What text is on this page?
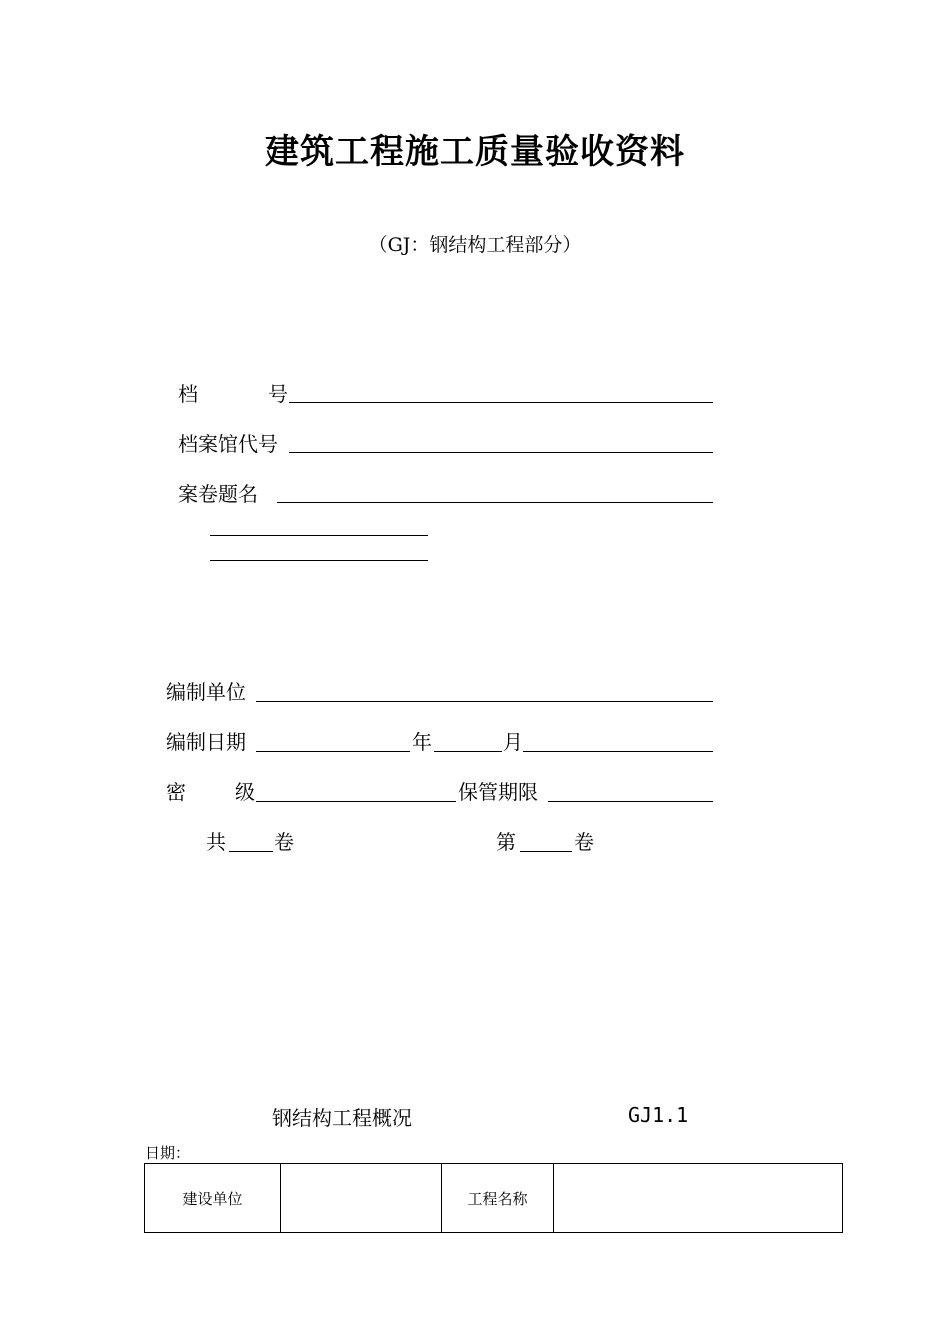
建筑工程施工质量验收资料
（GJ：钢结构工程部分）
档	号
档案馆代号
案卷题名
编制单位
编制日期	年	月
密 级	保管期限
共 卷	第	卷
钢结构工程概况	GJ1.1
日期：
建设单位		工程名称	
